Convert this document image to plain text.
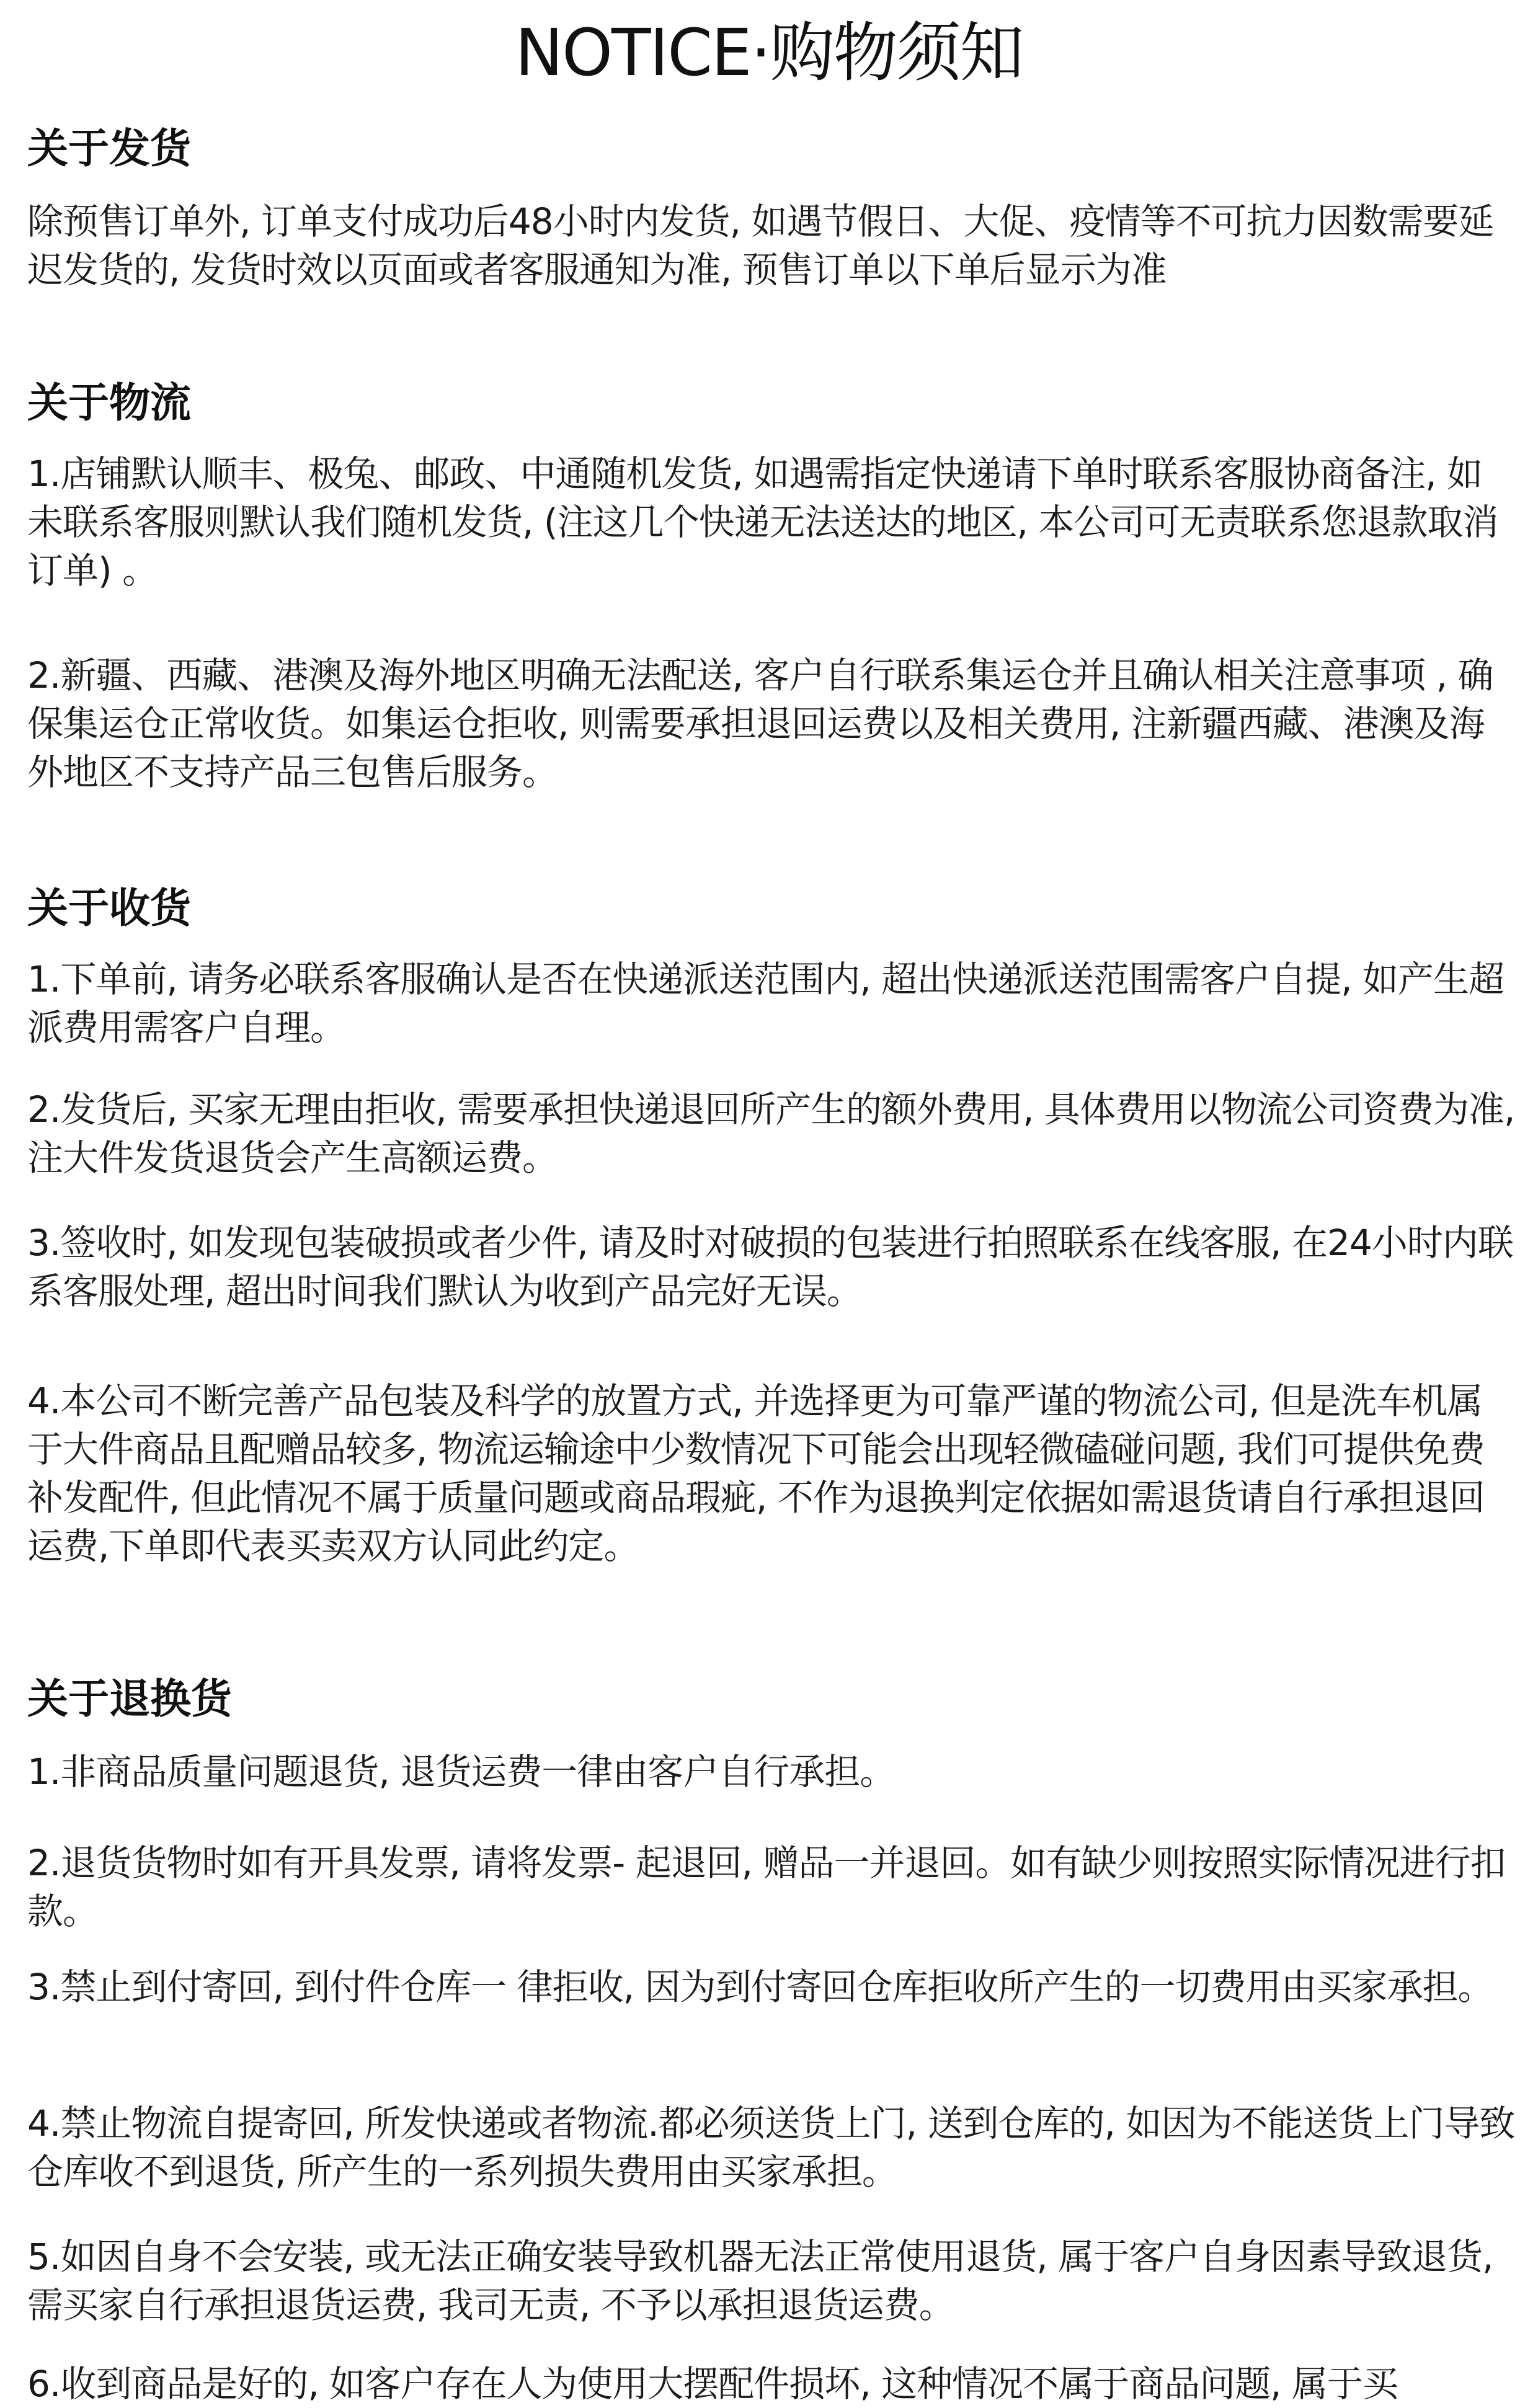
NOTICE·购物须知
关于发货

除预售订单外, 订单支付成功后48小时内发货, 如遇节假日、大促、疫情等不可抗力因数需要延迟发货的, 发货时效以页面或者客服通知为准, 预售订单以下单后显示为准

关于物流

1.店铺默认顺丰、极兔、邮政、中通随机发货, 如遇需指定快递请下单时联系客服协商备注, 如未联系客服则默认我们随机发货, (注这几个快递无法送达的地区, 本公司可无责联系您退款取消订单) 。

2.新疆、西藏、港澳及海外地区明确无法配送, 客户自行联系集运仓并且确认相关注意事项 , 确保集运仓正常收货。如集运仓拒收, 则需要承担退回运费以及相关费用, 注新疆西藏、港澳及海外地区不支持产品三包售后服务。

关于收货

1.下单前, 请务必联系客服确认是否在快递派送范围内, 超出快递派送范围需客户自提, 如产生超派费用需客户自理。

2.发货后, 买家无理由拒收, 需要承担快递退回所产生的额外费用, 具体费用以物流公司资费为准, 注大件发货退货会产生高额运费。

3.签收时, 如发现包装破损或者少件, 请及时对破损的包装进行拍照联系在线客服, 在24小时内联系客服处理, 超出时间我们默认为收到产品完好无误。

4.本公司不断完善产品包装及科学的放置方式, 并选择更为可靠严谨的物流公司, 但是洗车机属于大件商品且配赠品较多, 物流运输途中少数情况下可能会出现轻微磕碰问题, 我们可提供免费补发配件, 但此情况不属于质量问题或商品瑕疵, 不作为退换判定依据如需退货请自行承担退回运费,下单即代表买卖双方认同此约定。

关于退换货

1.非商品质量问题退货, 退货运费一律由客户自行承担。

2.退货货物时如有开具发票, 请将发票- 起退回, 赠品一并退回。如有缺少则按照实际情况进行扣款。

3.禁止到付寄回, 到付件仓库一 律拒收, 因为到付寄回仓库拒收所产生的一切费用由买家承担。

4.禁止物流自提寄回, 所发快递或者物流.都必须送货上门, 送到仓库的, 如因为不能送货上门导致仓库收不到退货, 所产生的一系列损失费用由买家承担。

5.如因自身不会安装, 或无法正确安装导致机器无法正常使用退货, 属于客户自身因素导致退货, 需买家自行承担退货运费, 我司无责, 不予以承担退货运费。

6.收到商品是好的, 如客户存在人为使用大摆配件损坏, 这种情况不属于商品问题, 属于买
